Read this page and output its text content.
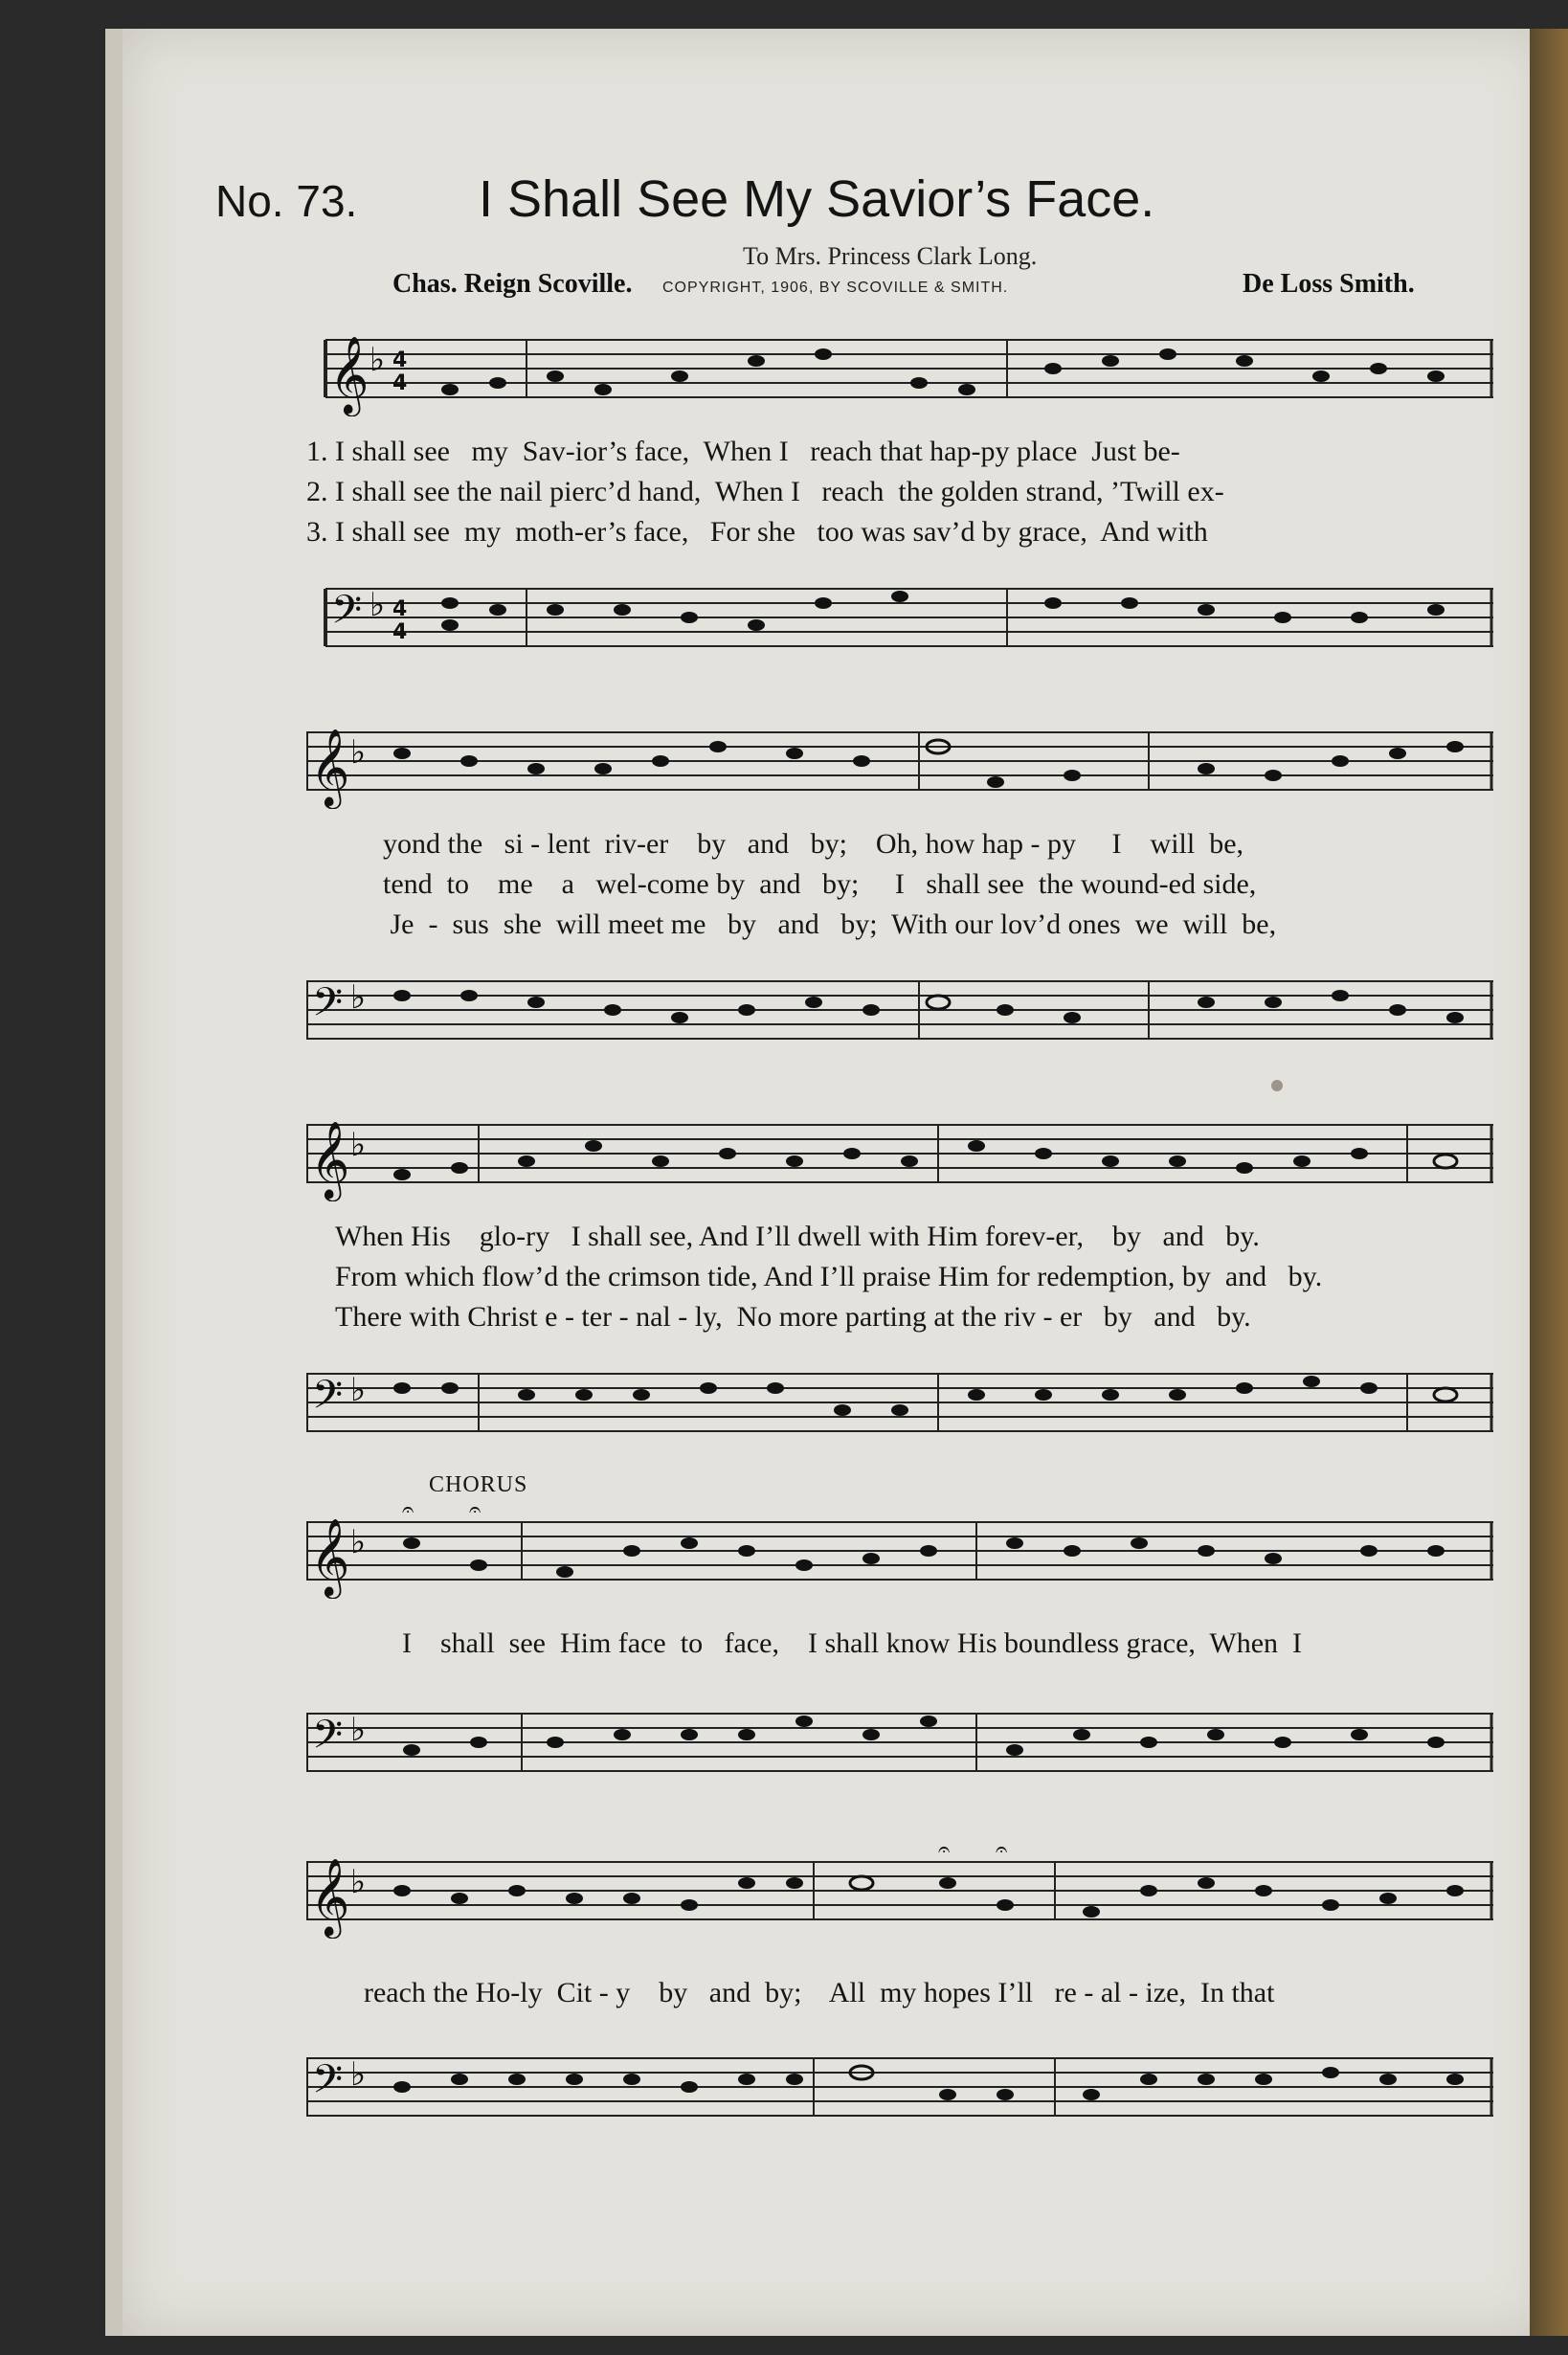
No. 73. I Shall See My Savior’s Face.

To Mrs. Princess Clark Long.

Chas. Reign Scoville. COPYRIGHT, 1906, BY SCOVILLE & SMITH.	De Loss Smith.

𝄞 ♭ 4
4

1. I shall see   my  Sav-ior’s face,  When I   reach that hap-py place  Just be-

2. I shall see the nail pierc’d hand,  When I   reach  the golden strand, ’Twill ex-

3. I shall see  my  moth-er’s face,   For she   too was sav’d by grace,  And with

𝄢 ♭ 4
4
𝄞 ♭

yond the   si - lent  riv-er    by   and   by;    Oh, how hap - py     I    will  be,

tend  to    me    a   wel-come by  and   by;     I   shall see  the wound-ed side,

Je  -  sus  she  will meet me   by   and   by;  With our lov’d ones  we  will  be,

𝄢 ♭
𝄞 ♭

When His    glo-ry   I shall see, And I’ll dwell with Him forev-er,    by   and   by.

From which flow’d the crimson tide, And I’ll praise Him for redemption, by  and   by.

There with Christ e - ter - nal - ly,  No more parting at the riv - er   by   and   by.

𝄢 ♭

CHORUS

𝄞 ♭
𝄐	𝄐

I    shall  see  Him face  to   face,    I shall know His boundless grace,  When  I

𝄢 ♭
𝄞 ♭
𝄐 𝄐

reach the Ho-ly  Cit - y    by   and  by;    All  my hopes I’ll   re - al - ize,  In that

𝄢 ♭
